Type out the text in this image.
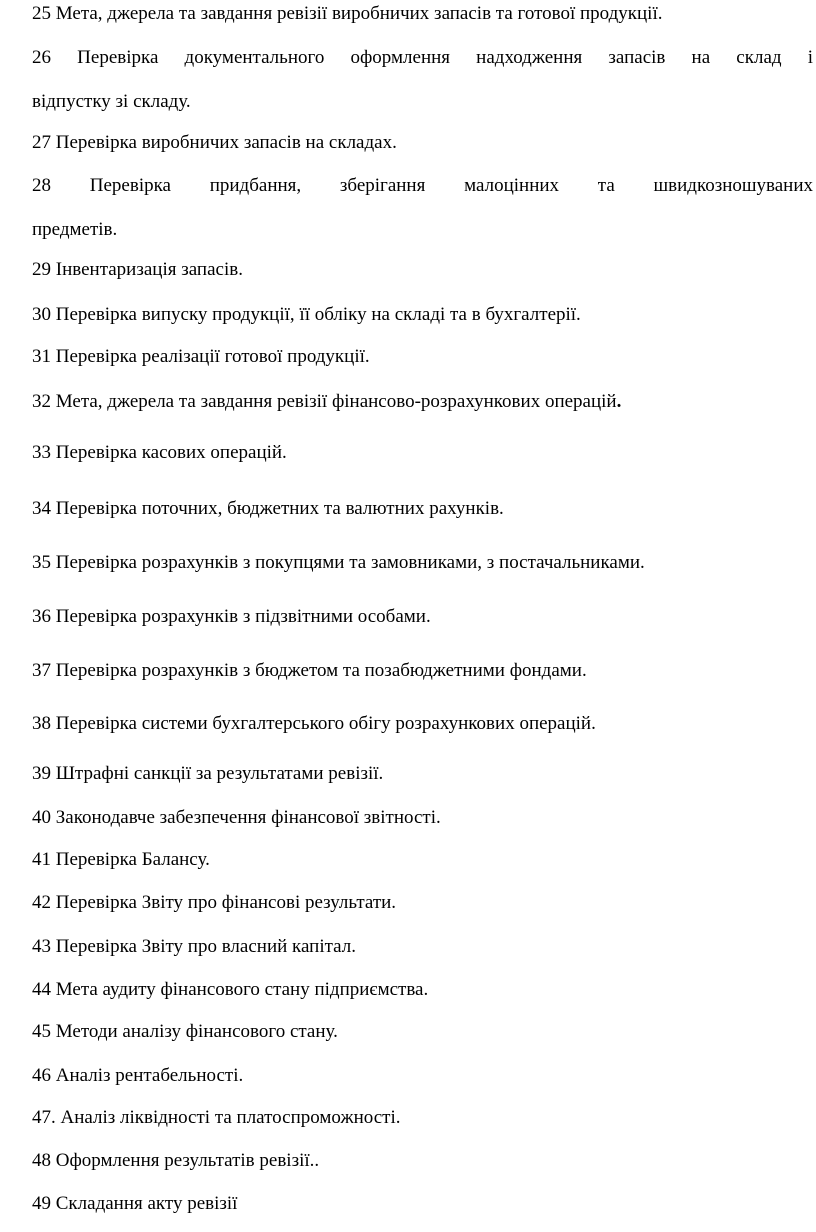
25 Мета, джерела та завдання ревізії виробничих запасів та готової продукції.
26 Перевірка документального оформлення надходження запасів на склад і
відпустку зі складу.
27 Перевірка виробничих запасів на складах.
28 Перевірка придбання, зберігання малоцінних та швидкозношуваних
предметів.
29 Інвентаризація запасів.
30 Перевірка випуску продукції, її обліку на складі та в бухгалтерії.
31 Перевірка реалізації готової продукції.
32 Мета, джерела та завдання ревізії фінансово-розрахункових операцій.
33 Перевірка касових операцій.
34 Перевірка поточних, бюджетних та валютних рахунків.
35 Перевірка розрахунків з покупцями та замовниками, з постачальниками.
36 Перевірка розрахунків з підзвітними особами.
37 Перевірка розрахунків з бюджетом та позабюджетними фондами.
38 Перевірка системи бухгалтерського обігу розрахункових операцій.
39 Штрафні санкції за результатами ревізії.
40 Законодавче забезпечення фінансової звітності.
41 Перевірка Балансу.
42 Перевірка Звіту про фінансові результати.
43 Перевірка Звіту про власний капітал.
44 Мета аудиту фінансового стану підприємства.
45 Методи аналізу фінансового стану.
46 Аналіз рентабельності.
47. Аналіз ліквідності та платоспроможності.
48 Оформлення результатів ревізії..
49 Складання акту ревізії
